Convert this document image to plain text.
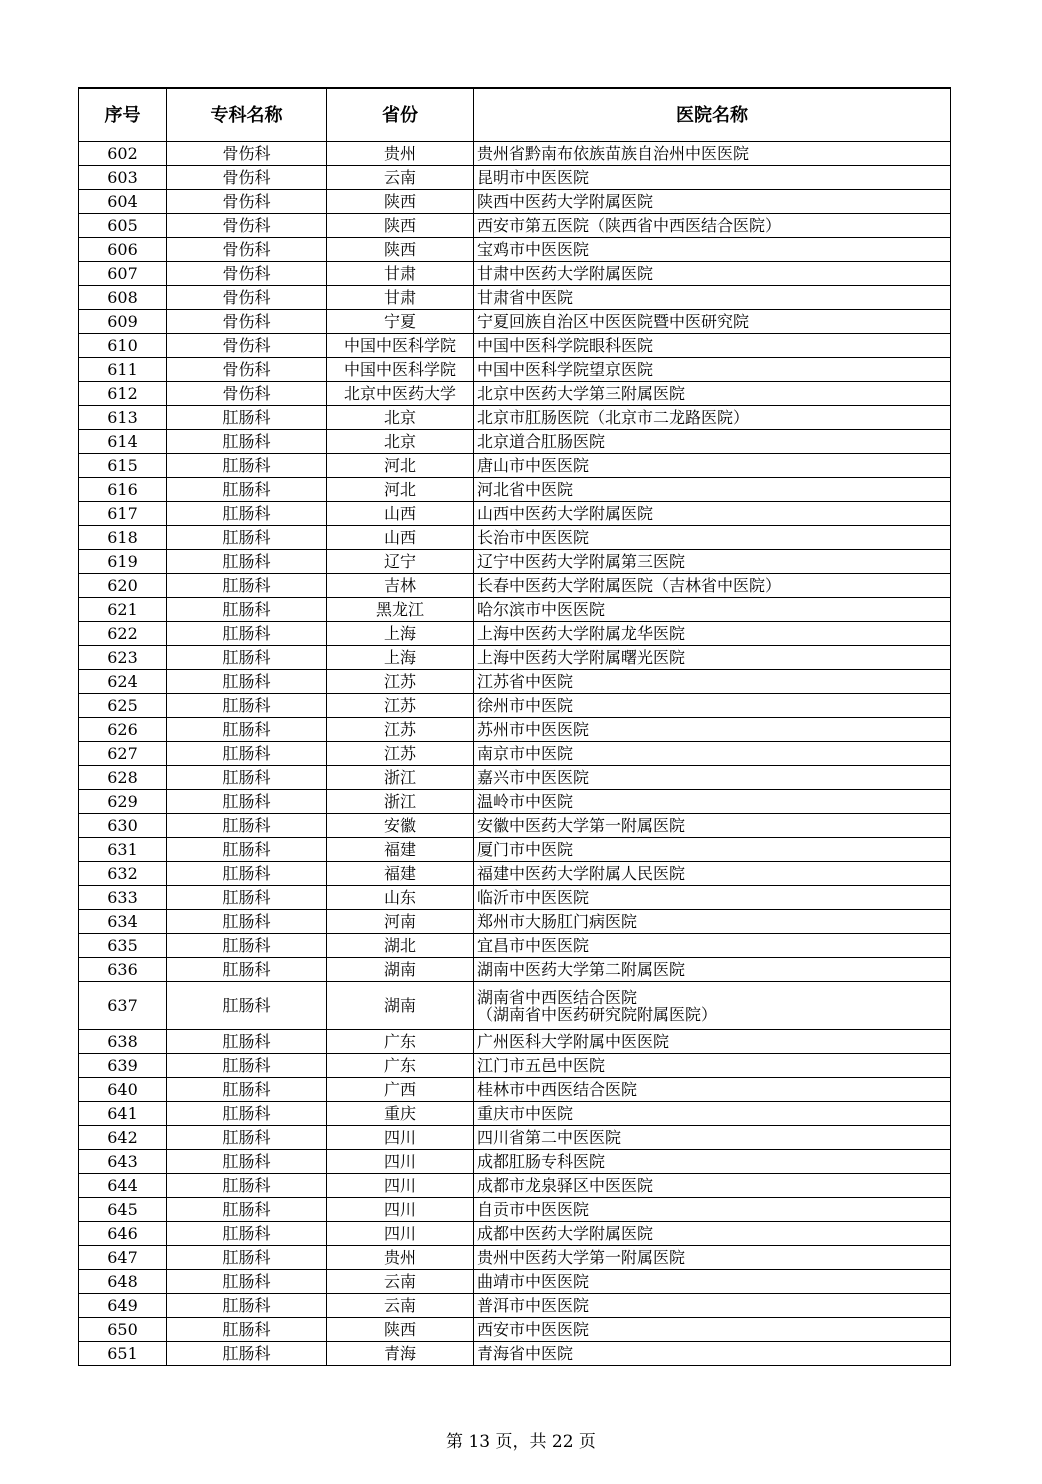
序号	专科名称	省份	医院名称
602	骨伤科	贵州	贵州省黔南布依族苗族自治州中医医院

603	骨伤科	云南	昆明市中医医院

604	骨伤科	陕西	陕西中医药大学附属医院

605	骨伤科	陕西	西安市第五医院（陕西省中西医结合医院）

606	骨伤科	陕西	宝鸡市中医医院

607	骨伤科	甘肃	甘肃中医药大学附属医院

608	骨伤科	甘肃	甘肃省中医院

609	骨伤科	宁夏	宁夏回族自治区中医医院暨中医研究院

610	骨伤科	中国中医科学院	中国中医科学院眼科医院

611	骨伤科	中国中医科学院	中国中医科学院望京医院

612	骨伤科	北京中医药大学	北京中医药大学第三附属医院

613	肛肠科	北京	北京市肛肠医院（北京市二龙路医院）

614	肛肠科	北京	北京道合肛肠医院

615	肛肠科	河北	唐山市中医医院

616	肛肠科	河北	河北省中医院

617	肛肠科	山西	山西中医药大学附属医院

618	肛肠科	山西	长治市中医医院

619	肛肠科	辽宁	辽宁中医药大学附属第三医院

620	肛肠科	吉林	长春中医药大学附属医院（吉林省中医院）

621	肛肠科	黑龙江	哈尔滨市中医医院

622	肛肠科	上海	上海中医药大学附属龙华医院

623	肛肠科	上海	上海中医药大学附属曙光医院

624	肛肠科	江苏	江苏省中医院

625	肛肠科	江苏	徐州市中医院

626	肛肠科	江苏	苏州市中医医院

627	肛肠科	江苏	南京市中医院

628	肛肠科	浙江	嘉兴市中医医院

629	肛肠科	浙江	温岭市中医院

630	肛肠科	安徽	安徽中医药大学第一附属医院

631	肛肠科	福建	厦门市中医院

632	肛肠科	福建	福建中医药大学附属人民医院

633	肛肠科	山东	临沂市中医医院

634	肛肠科	河南	郑州市大肠肛门病医院

635	肛肠科	湖北	宜昌市中医医院

636	肛肠科	湖南	湖南中医药大学第二附属医院

637	肛肠科	湖南	湖南省中西医结合医院
（湖南省中医药研究院附属医院）

638	肛肠科	广东	广州医科大学附属中医医院

639	肛肠科	广东	江门市五邑中医院

640	肛肠科	广西	桂林市中西医结合医院

641	肛肠科	重庆	重庆市中医院

642	肛肠科	四川	四川省第二中医医院

643	肛肠科	四川	成都肛肠专科医院

644	肛肠科	四川	成都市龙泉驿区中医医院

645	肛肠科	四川	自贡市中医医院

646	肛肠科	四川	成都中医药大学附属医院

647	肛肠科	贵州	贵州中医药大学第一附属医院

648	肛肠科	云南	曲靖市中医医院

649	肛肠科	云南	普洱市中医医院

650	肛肠科	陕西	西安市中医医院

651	肛肠科	青海	青海省中医院
第 13 页，共 22 页
